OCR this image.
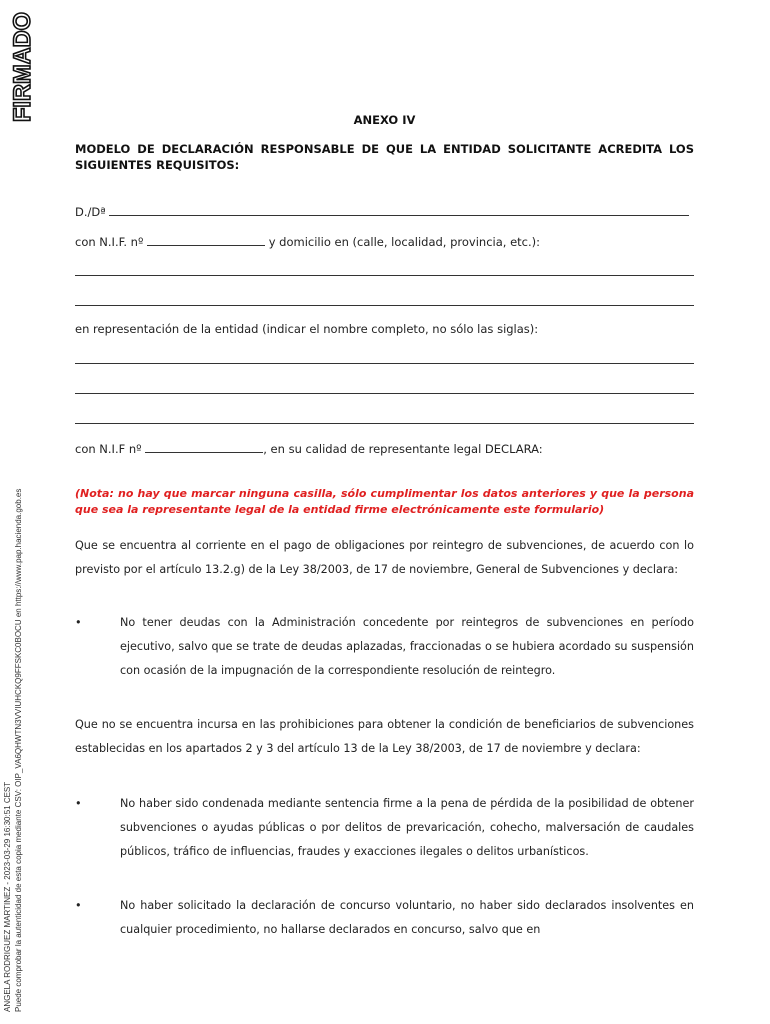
FIRMADO
ANGELA RODRIGUEZ MARTINEZ - 2023-03-29 16:30:51 CEST Puede comprobar la autenticidad de esta copia mediante CSV: OIP_VA6QHWTN3VVIUHCKQ9FFSKC0BOCU en https://www.pap.hacienda.gob.es
ANEXO IV
MODELO DE DECLARACIÓN RESPONSABLE DE QUE LA ENTIDAD SOLICITANTE ACREDITA LOS SIGUIENTES REQUISITOS:
D./Dª
con N.I.F. nº	y domicilio en (calle, localidad, provincia, etc.):
en representación de la entidad (indicar el nombre completo, no sólo las siglas):
con N.I.F nº	, en su calidad de representante legal DECLARA:
(Nota: no hay que marcar ninguna casilla, sólo cumplimentar los datos anteriores y que la persona que sea la representante legal de la entidad firme electrónicamente este formulario)
Que se encuentra al corriente en el pago de obligaciones por reintegro de subvenciones, de acuerdo con lo previsto por el artículo 13.2.g) de la Ley 38/2003, de 17 de noviembre, General de Subvenciones y declara:
•	No tener deudas con la Administración concedente por reintegros de subvenciones en período ejecutivo, salvo que se trate de deudas aplazadas, fraccionadas o se hubiera acordado su suspensión con ocasión de la impugnación de la correspondiente resolución de reintegro.
Que no se encuentra incursa en las prohibiciones para obtener la condición de beneficiarios de subvenciones establecidas en los apartados 2 y 3 del artículo 13 de la Ley 38/2003, de 17 de noviembre y declara:
•	No haber sido condenada mediante sentencia firme a la pena de pérdida de la posibilidad de obtener subvenciones o ayudas públicas o por delitos de prevaricación, cohecho, malversación de caudales públicos, tráfico de influencias, fraudes y exacciones ilegales o delitos urbanísticos.
•	No haber solicitado la declaración de concurso voluntario, no haber sido declarados insolventes en cualquier procedimiento, no hallarse declarados en concurso, salvo que en
